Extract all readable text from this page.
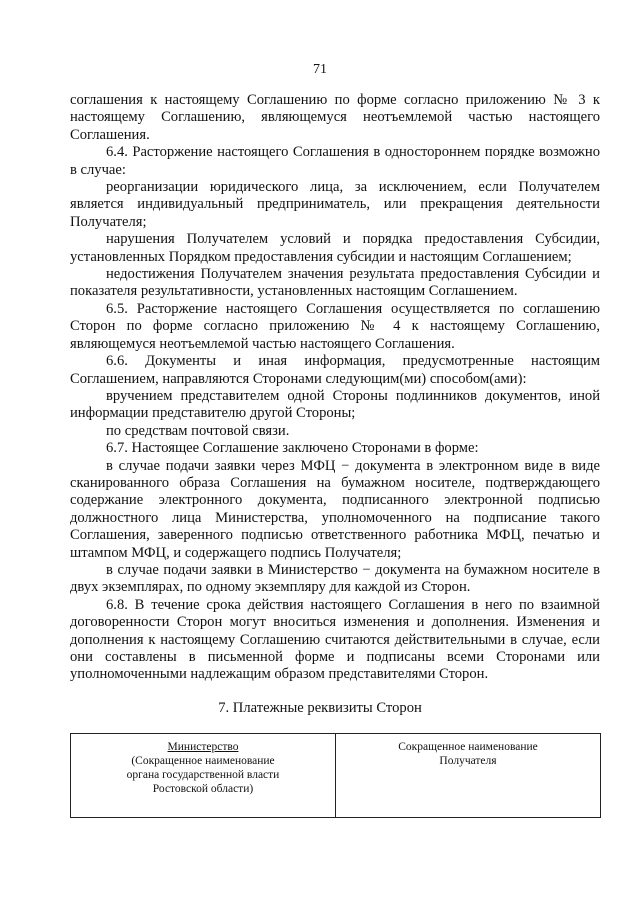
71

соглашения к настоящему Соглашению по форме согласно приложению № 3 к настоящему Соглашению, являющемуся неотъемлемой частью настоящего Соглашения.

6.4. Расторжение настоящего Соглашения в одностороннем порядке возможно в случае:

реорганизации юридического лица, за исключением, если Получателем является индивидуальный предприниматель, или прекращения деятельности Получателя;

нарушения Получателем условий и порядка предоставления Субсидии, установленных Порядком предоставления субсидии и настоящим Соглашением;

недостижения Получателем значения результата предоставления Субсидии и показателя результативности, установленных настоящим Соглашением.

6.5. Расторжение настоящего Соглашения осуществляется по соглашению Сторон по форме согласно приложению № 4 к настоящему Соглашению, являющемуся неотъемлемой частью настоящего Соглашения.

6.6. Документы и иная информация, предусмотренные настоящим Соглашением, направляются Сторонами следующим(ми) способом(ами):

вручением представителем одной Стороны подлинников документов, иной информации представителю другой Стороны;

по средствам почтовой связи.

6.7. Настоящее Соглашение заключено Сторонами в форме:

в случае подачи заявки через МФЦ − документа в электронном виде в виде сканированного образа Соглашения на бумажном носителе, подтверждающего содержание электронного документа, подписанного электронной подписью должностного лица Министерства, уполномоченного на подписание такого Соглашения, заверенного подписью ответственного работника МФЦ, печатью и штампом МФЦ, и содержащего подпись Получателя;

в случае подачи заявки в Министерство − документа на бумажном носителе в двух экземплярах, по одному экземпляру для каждой из Сторон.

6.8. В течение срока действия настоящего Соглашения в него по взаимной договоренности Сторон могут вноситься изменения и дополнения. Изменения и дополнения к настоящему Соглашению считаются действительными в случае, если они составлены в письменной форме и подписаны всеми Сторонами или уполномоченными надлежащим образом представителями Сторон.

7. Платежные реквизиты Сторон
Министерство
(Сокращенное наименование
органа государственной власти
Ростовской области)
Сокращенное наименование
Получателя
